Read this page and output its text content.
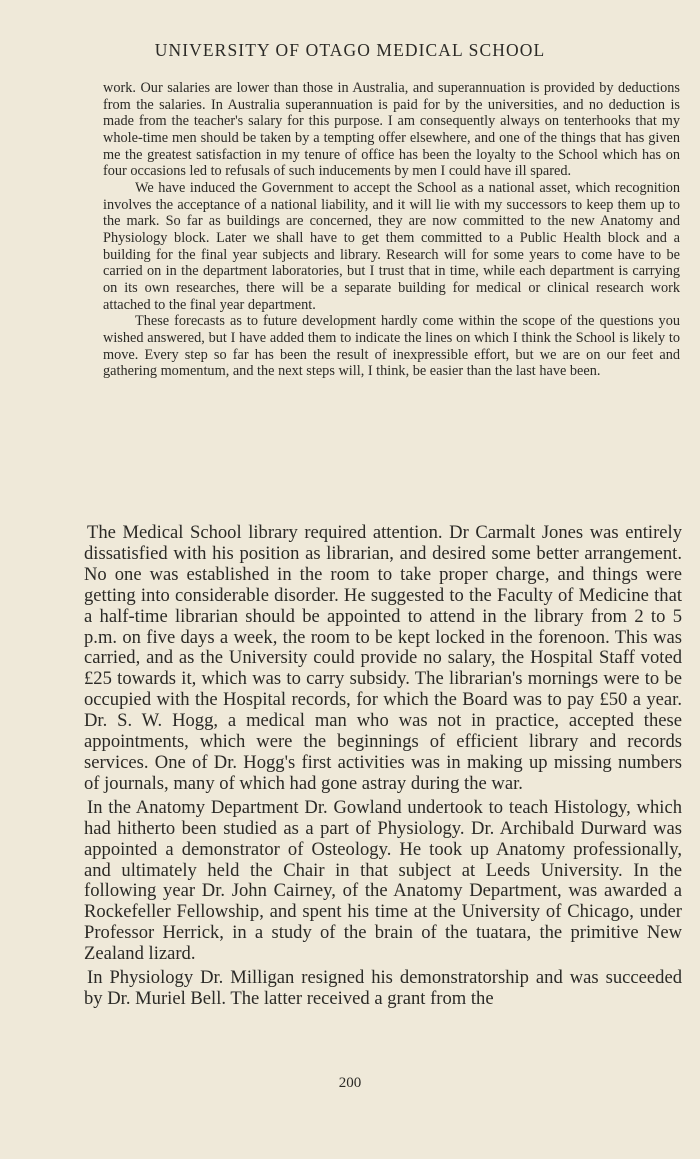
UNIVERSITY OF OTAGO MEDICAL SCHOOL

work. Our salaries are lower than those in Australia, and superannuation is provided by deductions from the salaries. In Australia superannuation is paid for by the universities, and no deduction is made from the teacher's salary for this purpose. I am consequently always on tenterhooks that my whole-time men should be taken by a tempting offer elsewhere, and one of the things that has given me the greatest satisfaction in my tenure of office has been the loyalty to the School which has on four occasions led to refusals of such inducements by men I could have ill spared.

We have induced the Government to accept the School as a national asset, which recognition involves the acceptance of a national liability, and it will lie with my successors to keep them up to the mark. So far as buildings are concerned, they are now committed to the new Anatomy and Physiology block. Later we shall have to get them committed to a Public Health block and a building for the final year subjects and library. Research will for some years to come have to be carried on in the department laboratories, but I trust that in time, while each department is carrying on its own researches, there will be a separate building for medical or clinical research work attached to the final year department.

These forecasts as to future development hardly come within the scope of the questions you wished answered, but I have added them to indicate the lines on which I think the School is likely to move. Every step so far has been the result of inexpressible effort, but we are on our feet and gathering momentum, and the next steps will, I think, be easier than the last have been.

The Medical School library required attention. Dr Carmalt Jones was entirely dissatisfied with his position as librarian, and desired some better arrangement. No one was established in the room to take proper charge, and things were getting into considerable disorder. He suggested to the Faculty of Medicine that a half-time librarian should be appointed to attend in the library from 2 to 5 p.m. on five days a week, the room to be kept locked in the forenoon. This was carried, and as the University could provide no salary, the Hospital Staff voted £25 towards it, which was to carry subsidy. The librarian's mornings were to be occupied with the Hospital records, for which the Board was to pay £50 a year. Dr. S. W. Hogg, a medical man who was not in practice, accepted these appointments, which were the beginnings of efficient library and records services. One of Dr. Hogg's first activities was in making up missing numbers of journals, many of which had gone astray during the war.

In the Anatomy Department Dr. Gowland undertook to teach Histology, which had hitherto been studied as a part of Physiology. Dr. Archibald Durward was appointed a demonstrator of Osteology. He took up Anatomy professionally, and ultimately held the Chair in that subject at Leeds University. In the following year Dr. John Cairney, of the Anatomy Department, was awarded a Rockefeller Fellowship, and spent his time at the University of Chicago, under Professor Herrick, in a study of the brain of the tuatara, the primitive New Zealand lizard.

In Physiology Dr. Milligan resigned his demonstratorship and was succeeded by Dr. Muriel Bell. The latter received a grant from the

200
